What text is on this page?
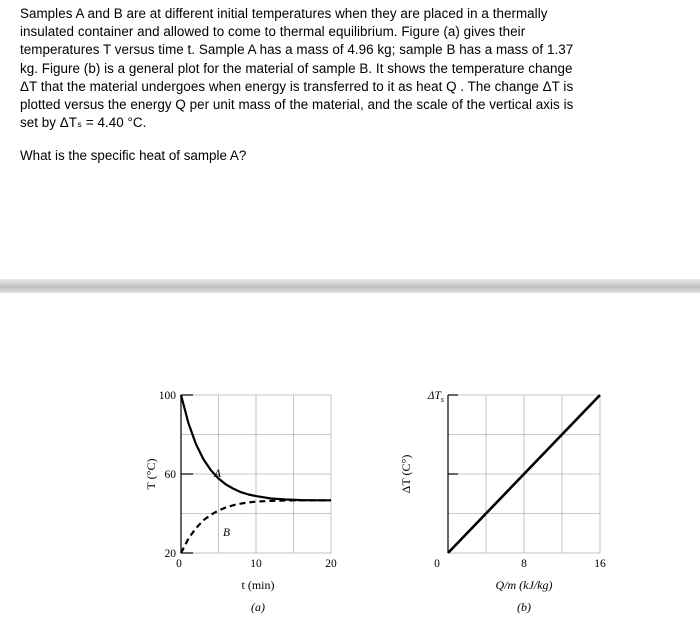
Samples A and B are at different initial temperatures when they are placed in a thermally
insulated container and allowed to come to thermal equilibrium. Figure (a) gives their
temperatures T versus time t. Sample A has a mass of 4.96 kg; sample B has a mass of 1.37
kg. Figure (b) is a general plot for the material of sample B. It shows the temperature change
ΔT that the material undergoes when energy is transferred to it as heat Q . The change ΔT is
plotted versus the energy Q per unit mass of the material, and the scale of the vertical axis is
set by ΔTₛ = 4.40 °C.
What is the specific heat of sample A?
20
60
100
0	10	20
A
B
T (°C)
t (min)
(a)
$\Delta T_s$
0	8	16
ΔT (C°)
Q/m (kJ/kg)
(b)
